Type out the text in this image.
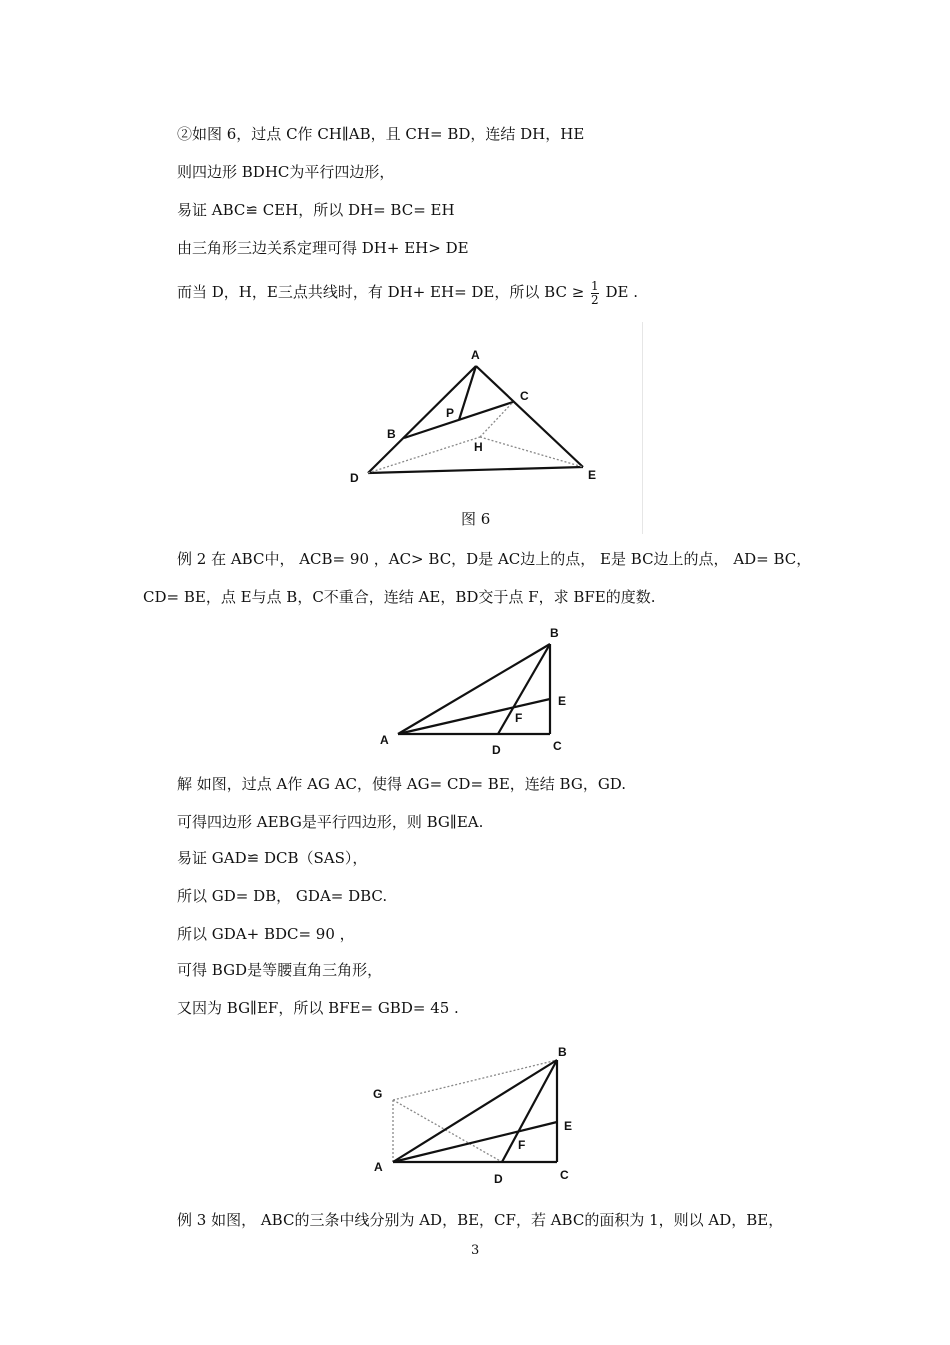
②如图 6，过点 C作 CH∥AB，且 CH= BD，连结 DH，HE
则四边形 BDHC为平行四边形，
易证 ABC≌ CEH，所以 DH= BC= EH
由三角形三边关系定理可得 DH+ EH> DE
而当 D，H，E三点共线时，有 DH+ EH= DE，所以 BC ≥ $\frac{1}{2}$ DE .
A
C
P
B
H
D	E
图 6
例 2 在 ABC中， ACB= 90 ，AC> BC，D是 AC边上的点， E是 BC边上的点， AD= BC，
CD= BE，点 E与点 B，C不重合，连结 AE，BD交于点 F，求 BFE的度数.
B
E
F
A
D	C
解 如图，过点 A作 AG AC，使得 AG= CD= BE，连结 BG，GD.
可得四边形 AEBG是平行四边形，则 BG∥EA.
易证 GAD≌ DCB（SAS），
所以 GD= DB， GDA= DBC.
所以 GDA+ BDC= 90 ，
可得 BGD是等腰直角三角形，
又因为 BG∥EF，所以 BFE= GBD= 45 .
B
G
E
F
A
D	C
例 3 如图， ABC的三条中线分别为 AD，BE，CF，若 ABC的面积为 1，则以 AD，BE，
3
